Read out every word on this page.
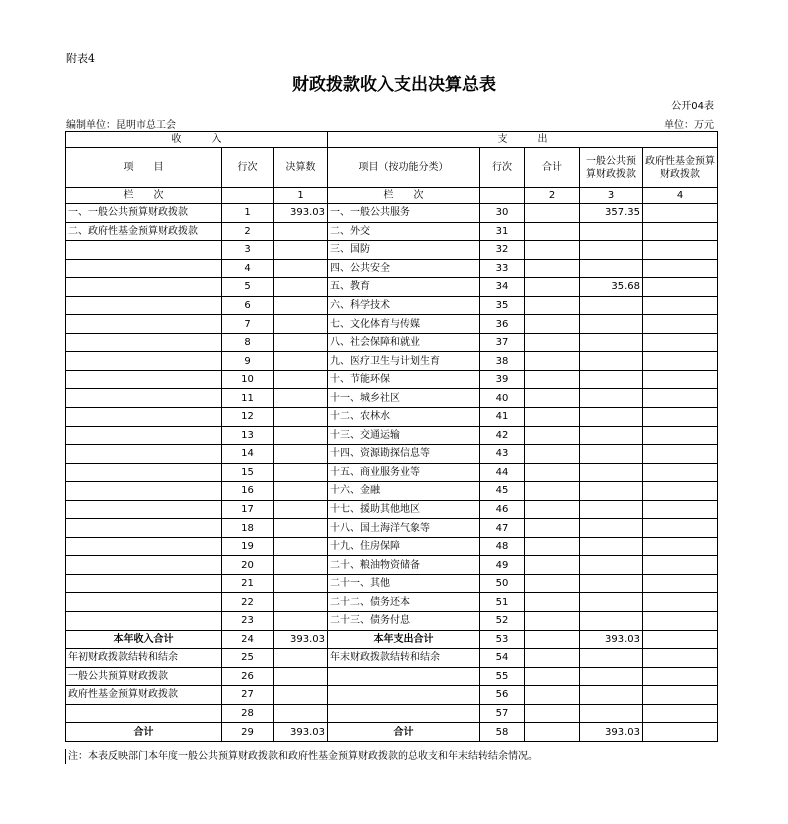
附表4
财政拨款收入支出决算总表
公开04表
编制单位：昆明市总工会	单位：万元
收　　　入			支　　　出				
项　　目	行次	决算数	项目（按功能分类）	行次	合计	一般公共预算财政拨款	政府性基金预算财政拨款
栏　　次		1	栏　　次		2	3	4
一、一般公共预算财政拨款	1	393.03	一、一般公共服务	30		357.35	
二、政府性基金预算财政拨款	2		二、外交	31			
	3		三、国防	32			
	4		四、公共安全	33			
	5		五、教育	34		35.68	
	6		六、科学技术	35			
	7		七、文化体育与传媒	36			
	8		八、社会保障和就业	37			
	9		九、医疗卫生与计划生育	38			
	10		十、节能环保	39			
	11		十一、城乡社区	40			
	12		十二、农林水	41			
	13		十三、交通运输	42			
	14		十四、资源勘探信息等	43			
	15		十五、商业服务业等	44			
	16		十六、金融	45			
	17		十七、援助其他地区	46			
	18		十八、国土海洋气象等	47			
	19		十九、住房保障	48			
	20		二十、粮油物资储备	49			
	21		二十一、其他	50			
	22		二十二、债务还本	51			
	23		二十三、债务付息	52			
本年收入合计	24	393.03	本年支出合计	53		393.03	
年初财政拨款结转和结余	25		年末财政拨款结转和结余	54			
一般公共预算财政拨款	26			55			
政府性基金预算财政拨款	27			56			
	28			57			
合计	29	393.03	合计	58		393.03	
注：本表反映部门本年度一般公共预算财政拨款和政府性基金预算财政拨款的总收支和年末结转结余情况。
